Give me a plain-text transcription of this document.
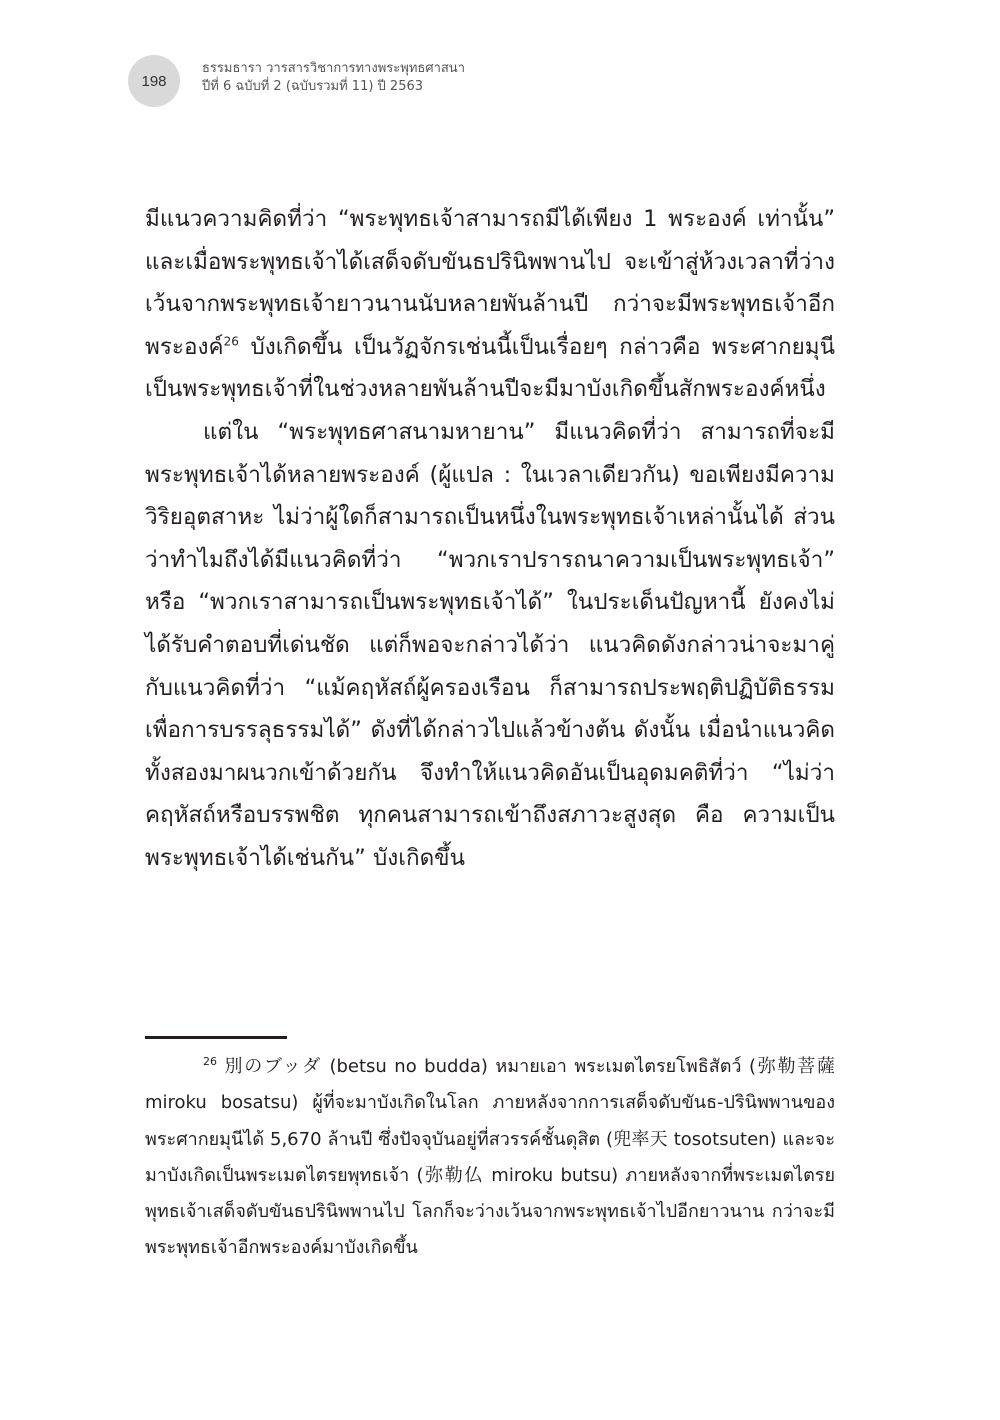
198
ธรรมธารา วารสารวิชาการทางพระพุทธศาสนา
ปีที่ 6 ฉบับที่ 2 (ฉบับรวมที่ 11) ปี 2563

มีแนวความคิดที่ว่า “พระพุทธเจ้าสามารถมีได้เพียง 1 พระองค์ เท่านั้น” และเมื่อพระพุทธเจ้าได้เสด็จดับขันธปรินิพพานไป จะเข้าสู่ห้วงเวลาที่ว่างเว้นจากพระพุทธเจ้ายาวนานนับหลายพันล้านปี กว่าจะมีพระพุทธเจ้าอีกพระองค์$^{26}$ บังเกิดขึ้น เป็นวัฏจักรเช่นนี้เป็นเรื่อยๆ กล่าวคือ พระศากยมุนี เป็นพระพุทธเจ้าที่ในช่วงหลายพันล้านปีจะมีมาบังเกิดขึ้นสักพระองค์หนึ่ง

แต่ใน “พระพุทธศาสนามหายาน” มีแนวคิดที่ว่า สามารถที่จะมีพระพุทธเจ้าได้หลายพระองค์ (ผู้แปล : ในเวลาเดียวกัน) ขอเพียงมีความวิริยอุตสาหะ ไม่ว่าผู้ใดก็สามารถเป็นหนึ่งในพระพุทธเจ้าเหล่านั้นได้ ส่วนว่าทำไมถึงได้มีแนวคิดที่ว่า “พวกเราปรารถนาความเป็นพระพุทธเจ้า” หรือ “พวกเราสามารถเป็นพระพุทธเจ้าได้” ในประเด็นปัญหานี้ ยังคงไม่ได้รับคำตอบที่เด่นชัด แต่ก็พอจะกล่าวได้ว่า แนวคิดดังกล่าวน่าจะมาคู่กับแนวคิดที่ว่า “แม้คฤหัสถ์ผู้ครองเรือน ก็สามารถประพฤติปฏิบัติธรรมเพื่อการบรรลุธรรมได้” ดังที่ได้กล่าวไปแล้วข้างต้น ดังนั้น เมื่อนำแนวคิดทั้งสองมาผนวกเข้าด้วยกัน จึงทำให้แนวคิดอันเป็นอุดมคติที่ว่า “ไม่ว่าคฤหัสถ์หรือบรรพชิต ทุกคนสามารถเข้าถึงสภาวะสูงสุด คือ ความเป็นพระพุทธเจ้าได้เช่นกัน” บังเกิดขึ้น

$^{26}$ 別のブッダ (betsu no budda) หมายเอา พระเมตไตรยโพธิสัตว์ (弥勒菩薩 miroku bosatsu) ผู้ที่จะมาบังเกิดในโลก ภายหลังจากการเสด็จดับขันธ-ปรินิพพานของพระศากยมุนีได้ 5,670 ล้านปี ซึ่งปัจจุบันอยู่ที่สวรรค์ชั้นดุสิต (兜率天 tosotsuten) และจะมาบังเกิดเป็นพระเมตไตรยพุทธเจ้า (弥勒仏 miroku butsu) ภายหลังจากที่พระเมตไตรยพุทธเจ้าเสด็จดับขันธปรินิพพานไป โลกก็จะว่างเว้นจากพระพุทธเจ้าไปอีกยาวนาน กว่าจะมีพระพุทธเจ้าอีกพระองค์มาบังเกิดขึ้น
